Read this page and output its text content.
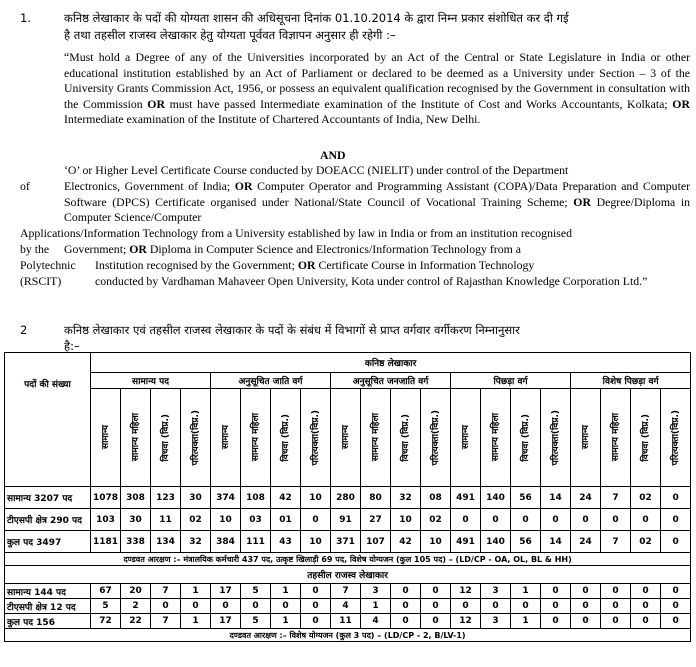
1.	कनिष्ठ लेखाकार के पदों की योग्यता शासन की अधिसूचना दिनांक 01.10.2014 के द्वारा निम्न प्रकार संशोधित कर दी गई
है तथा तहसील राजस्व लेखाकार हेतु योग्यता पूर्ववत विज्ञापन अनुसार ही रहेगी :–
“Must hold a Degree of any of the Universities incorporated by an Act of the Central or State Legislature in India or other educational institution established by an Act of Parliament or declared to be deemed as a University under Section – 3 of the University Grants Commission Act, 1956, or possess an equivalent qualification recognised by the Government in consultation with the Commission OR must have passed Intermediate examination of the Institute of Cost and Works Accountants, Kolkata; OR Intermediate examination of the Institute of Chartered Accountants of India, New Delhi.
AND
‘O’ or Higher Level Certificate Course conducted by DOEACC (NIELIT) under control of the Department
of	Electronics, Government of India; OR Computer Operator and Programming Assistant (COPA)/Data Preparation and Computer Software (DPCS) Certificate organised under National/State Council of Vocational Training Scheme; OR Degree/Diploma in Computer Science/Computer
Applications/Information Technology from a University established by law in India or from an institution recognised
by the Government; OR Diploma in Computer Science and Electronics/Information Technology from a
Polytechnic Institution recognised by the Government; OR Certificate Course in Information Technology
(RSCIT)	conducted by Vardhaman Mahaveer Open University, Kota under control of Rajasthan Knowledge Corporation Ltd.”
2	कनिष्ठ लेखाकार एवं तहसील राजस्व लेखाकार के पदों के संबंध में विभागों से प्राप्त वर्गवार वर्गीकरण निम्नानुसार
है:–
पदों की संख्या	कनिष्ठ लेखाकार																			
	सामान्य पद				अनुसूचित जाति वर्ग				अनुसूचित जनजाति वर्ग				पिछड़ा वर्ग				विशेष पिछड़ा वर्ग			

	सामान्य	सामान्य महिला	विधवा (विप्र.)	परित्यक्ता(विप्र.)	सामान्य	सामान्य महिला	विधवा (विप्र.)	परित्यक्ता(विप्र.)	सामान्य	सामान्य महिला	विधवा (विप्र.)	परित्यक्ता(विप्र.)	सामान्य	सामान्य महिला	विधवा (विप्र.)	परित्यक्ता(विप्र.)	सामान्य	सामान्य महिला	विधवा (विप्र.)	परित्यक्ता(विप्र.)

सामान्य 3207 पद	1078	308	123	30	374	108	42	10	280	80	32	08	491	140	56	14	24	7	02	0
टीएसपी क्षेत्र 290 पद	103	30	11	02	10	03	01	0	91	27	10	02	0	0	0	0	0	0	0	0
कुल पद 3497	1181	338	134	32	384	111	43	10	371	107	42	10	491	140	56	14	24	7	02	0
दण्डवत आरक्षण :– मंत्रालयिक कर्मचारी 437 पद, उत्कृष्ट खिलाड़ी 69 पद, विशेष योग्यजन (कुल 105 पद) – (LD/CP - OA, OL, BL & HH)																				
तहसील राजस्व लेखाकार																				
सामान्य 144 पद	67	20	7	1	17	5	1	0	7	3	0	0	12	3	1	0	0	0	0	0
टीएसपी क्षेत्र 12 पद	5	2	0	0	0	0	0	0	4	1	0	0	0	0	0	0	0	0	0	0
कुल पद 156	72	22	7	1	17	5	1	0	11	4	0	0	12	3	1	0	0	0	0	0
दण्डवत आरक्षण :– विशेष योग्यजन (कुल 3 पद) – (LD/CP - 2, B/LV-1)																				
